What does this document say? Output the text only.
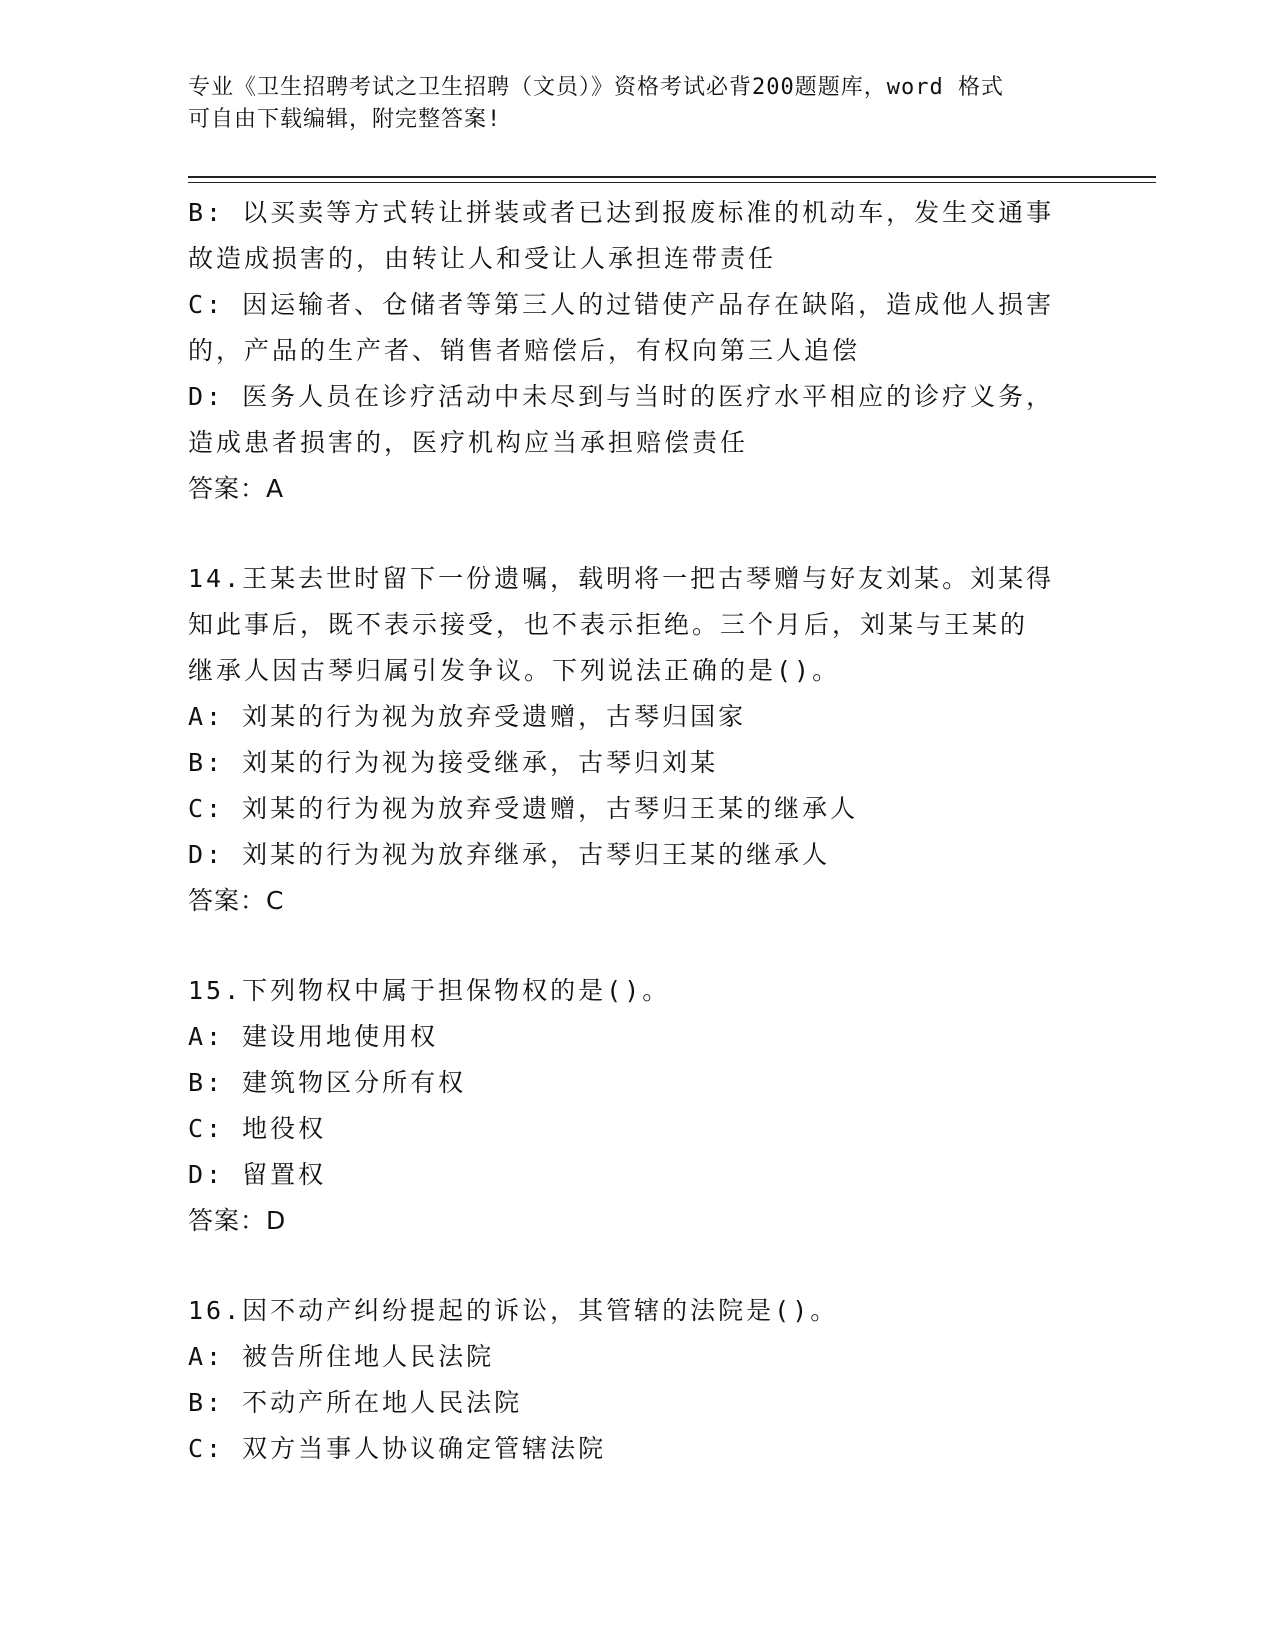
专业《卫生招聘考试之卫生招聘（文员）》资格考试必背200题题库，word 格式
可自由下载编辑，附完整答案!
B: 以买卖等方式转让拼装或者已达到报废标准的机动车，发生交通事
故造成损害的，由转让人和受让人承担连带责任
C: 因运输者、仓储者等第三人的过错使产品存在缺陷，造成他人损害
的，产品的生产者、销售者赔偿后，有权向第三人追偿
D: 医务人员在诊疗活动中未尽到与当时的医疗水平相应的诊疗义务，
造成患者损害的，医疗机构应当承担赔偿责任
答案：A
14.王某去世时留下一份遗嘱，载明将一把古琴赠与好友刘某。刘某得
知此事后，既不表示接受，也不表示拒绝。三个月后，刘某与王某的
继承人因古琴归属引发争议。下列说法正确的是()。
A: 刘某的行为视为放弃受遗赠，古琴归国家
B: 刘某的行为视为接受继承，古琴归刘某
C: 刘某的行为视为放弃受遗赠，古琴归王某的继承人
D: 刘某的行为视为放弃继承，古琴归王某的继承人
答案：C
15.下列物权中属于担保物权的是()。
A: 建设用地使用权
B: 建筑物区分所有权
C: 地役权
D: 留置权
答案：D
16.因不动产纠纷提起的诉讼，其管辖的法院是()。
A: 被告所住地人民法院
B: 不动产所在地人民法院
C: 双方当事人协议确定管辖法院
